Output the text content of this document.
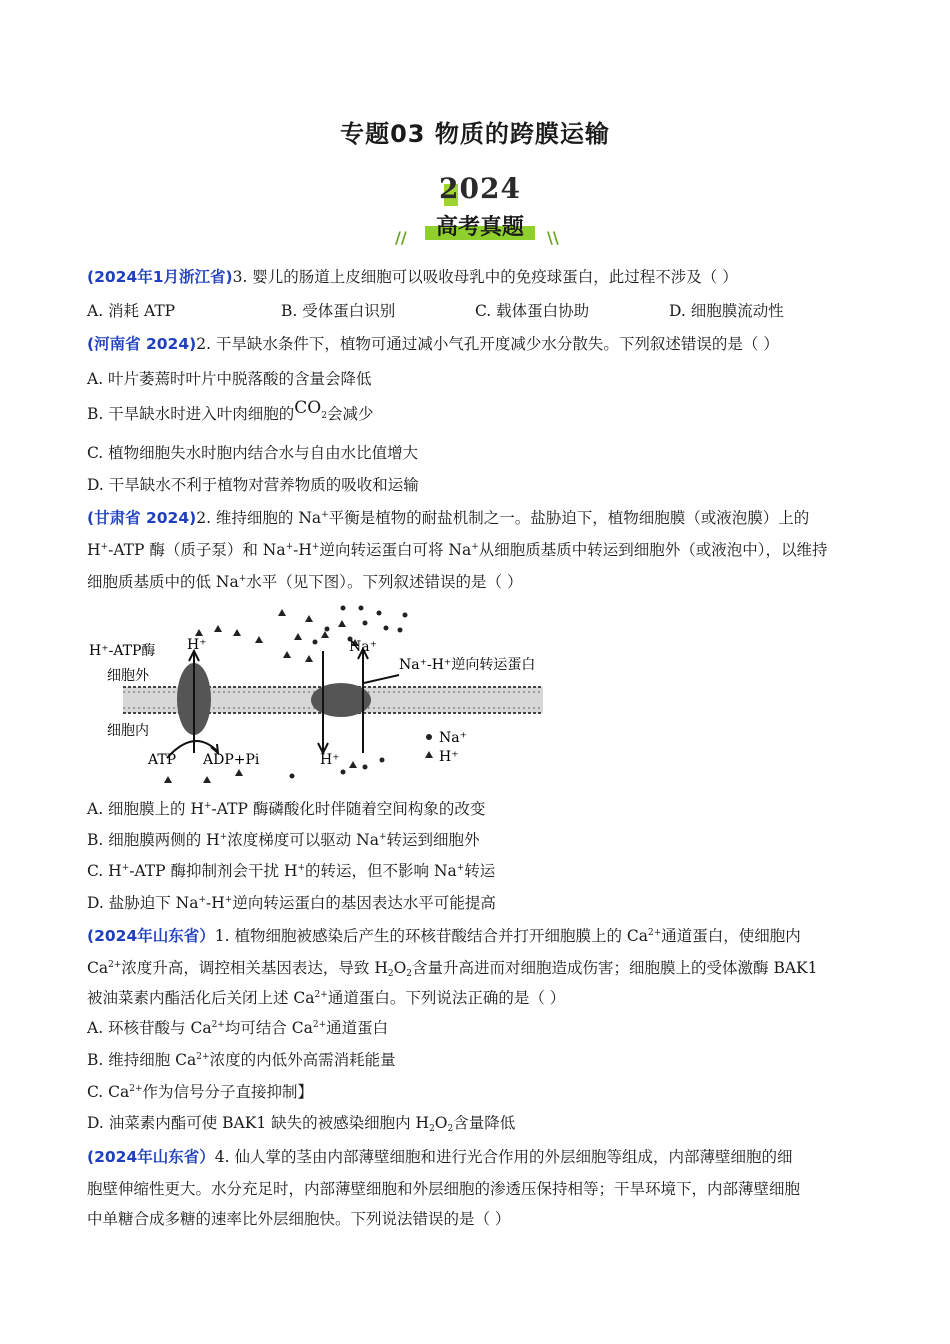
专题03 物质的跨膜运输
2024
//	高考真题	\\
(2024年1月浙江省)3. 婴儿的肠道上皮细胞可以吸收母乳中的免疫球蛋白，此过程不涉及（ ）
A. 消耗 ATP	B. 受体蛋白识别	C. 载体蛋白协助	D. 细胞膜流动性
(河南省 2024)2. 干旱缺水条件下，植物可通过减小气孔开度减少水分散失。下列叙述错误的是（ ）
A. 叶片萎蔫时叶片中脱落酸的含量会降低
B. 干旱缺水时进入叶肉细胞的$CO_2$会减少
C. 植物细胞失水时胞内结合水与自由水比值增大
D. 干旱缺水不利于植物对营养物质的吸收和运输
(甘肃省 2024)2. 维持细胞的 Na+平衡是植物的耐盐机制之一。盐胁迫下，植物细胞膜（或液泡膜）上的
H+-ATP 酶（质子泵）和 Na+-H+逆向转运蛋白可将 Na+从细胞质基质中转运到细胞外（或液泡中），以维持
细胞质基质中的低 Na+水平（见下图）。下列叙述错误的是（ ）
H⁺-ATP酶 H⁺	Na⁺
Na⁺-H⁺逆向转运蛋白
细胞外
细胞内
ATP ADP+Pi	H⁺
Na⁺
H⁺
A. 细胞膜上的 H+-ATP 酶磷酸化时伴随着空间构象的改变
B. 细胞膜两侧的 H+浓度梯度可以驱动 Na+转运到细胞外
C. H+-ATP 酶抑制剂会干扰 H+的转运，但不影响 Na+转运
D. 盐胁迫下 Na+-H+逆向转运蛋白的基因表达水平可能提高
(2024年山东省）1. 植物细胞被感染后产生的环核苷酸结合并打开细胞膜上的 $Ca^{2+}$通道蛋白，使细胞内
$Ca^{2+}$浓度升高，调控相关基因表达，导致 $H_2O_2$含量升高进而对细胞造成伤害；细胞膜上的受体激酶 BAK1
被油菜素内酯活化后关闭上述 $Ca^{2+}$通道蛋白。下列说法正确的是（ ）
A. 环核苷酸与 $Ca^{2+}$均可结合 $Ca^{2+}$通道蛋白
B. 维持细胞 $Ca^{2+}$浓度的内低外高需消耗能量
C. $Ca^{2+}$作为信号分子直接抑制】
D. 油菜素内酯可使 BAK1 缺失的被感染细胞内 $H_2O_2$含量降低
(2024年山东省）4. 仙人掌的茎由内部薄壁细胞和进行光合作用的外层细胞等组成，内部薄壁细胞的细
胞壁伸缩性更大。水分充足时，内部薄壁细胞和外层细胞的渗透压保持相等；干旱环境下，内部薄壁细胞
中单糖合成多糖的速率比外层细胞快。下列说法错误的是（ ）
